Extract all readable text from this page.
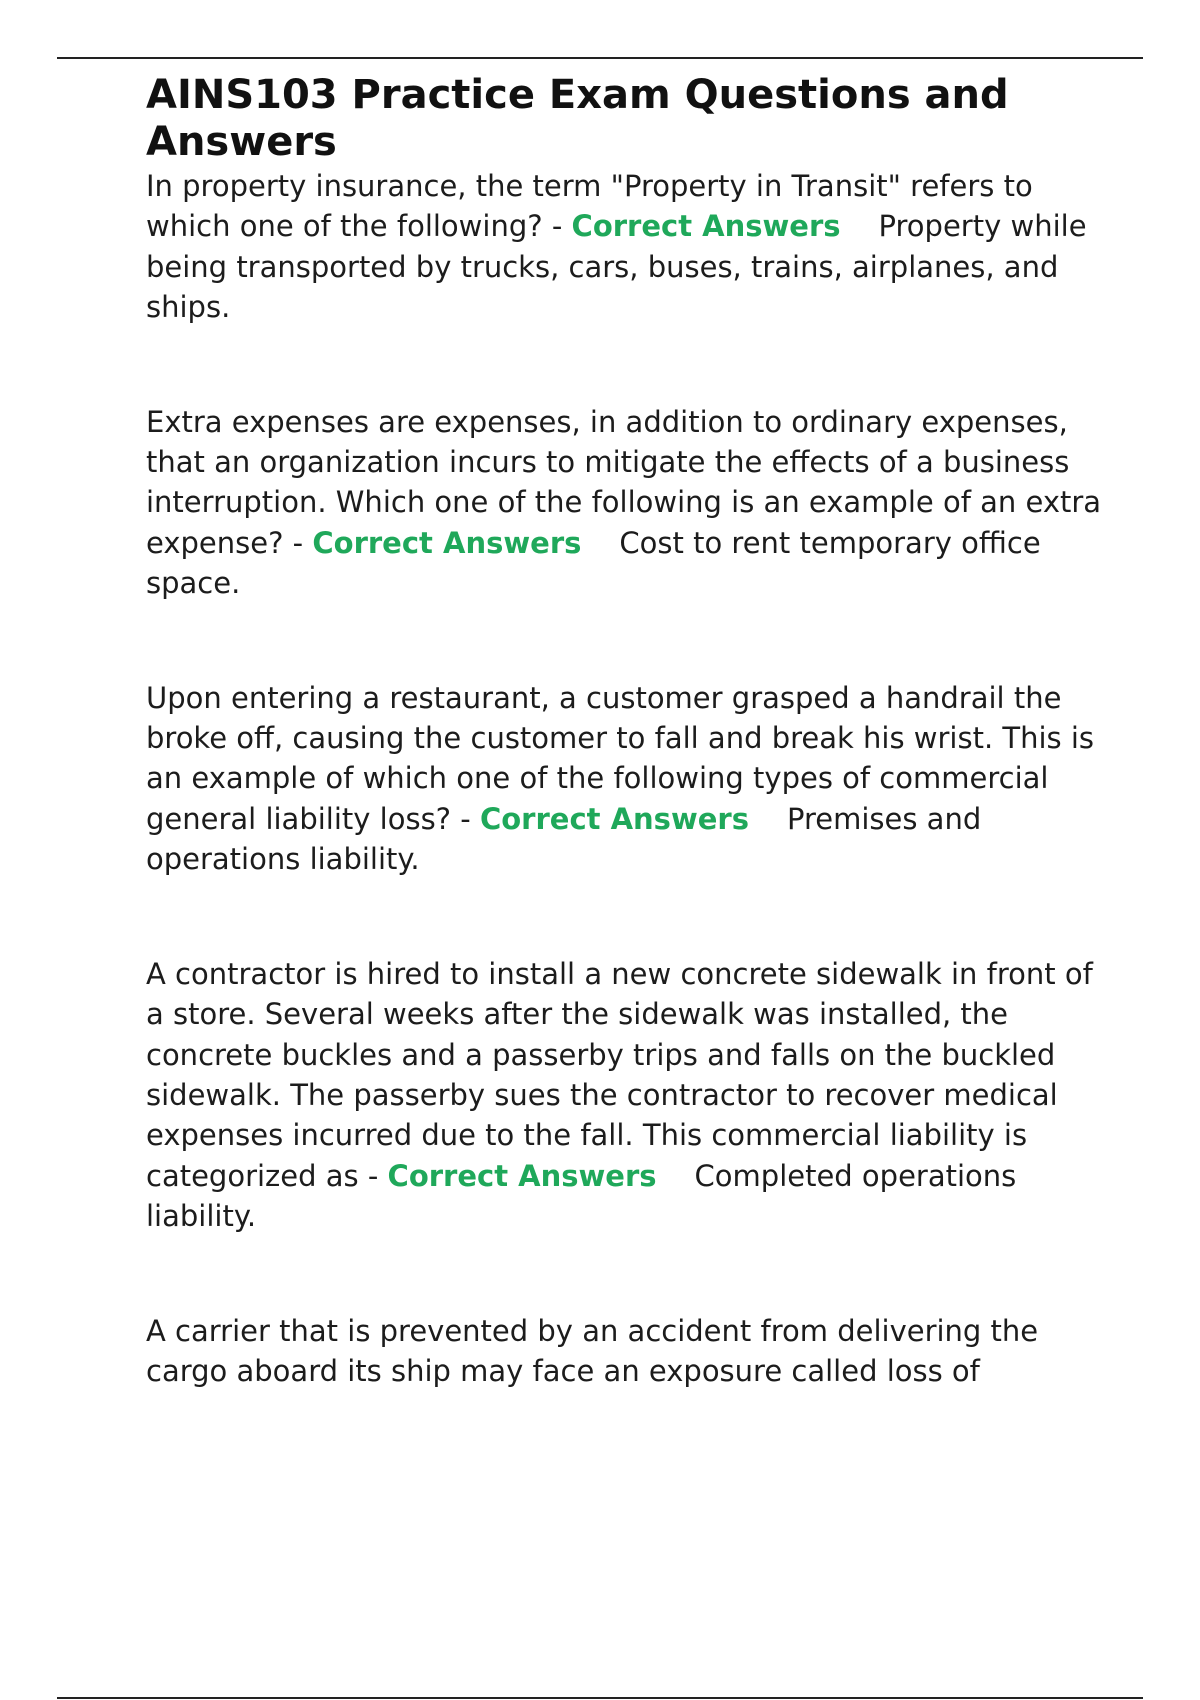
AINS103 Practice Exam Questions and Answers

In property insurance, the term "Property in Transit" refers to which one of the following? - Correct Answers Property while being transported by trucks, cars, buses, trains, airplanes, and ships.

Extra expenses are expenses, in addition to ordinary expenses, that an organization incurs to mitigate the effects of a business interruption. Which one of the following is an example of an extra expense? - Correct Answers Cost to rent temporary office space.

Upon entering a restaurant, a customer grasped a handrail the broke off, causing the customer to fall and break his wrist. This is an example of which one of the following types of commercial general liability loss? - Correct Answers Premises and operations liability.

A contractor is hired to install a new concrete sidewalk in front of a store. Several weeks after the sidewalk was installed, the concrete buckles and a passerby trips and falls on the buckled sidewalk. The passerby sues the contractor to recover medical expenses incurred due to the fall. This commercial liability is categorized as - Correct Answers Completed operations liability.

A carrier that is prevented by an accident from delivering the cargo aboard its ship may face an exposure called loss of
